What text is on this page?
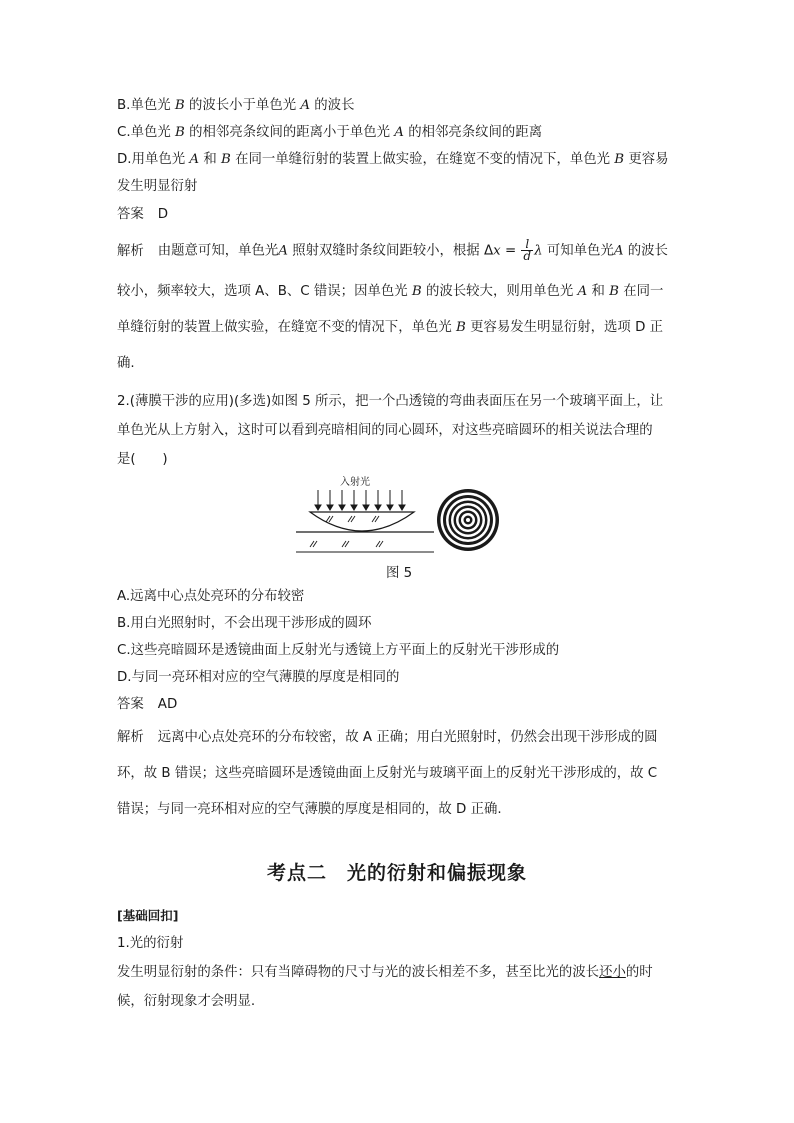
B.单色光 B 的波长小于单色光 A 的波长
C.单色光 B 的相邻亮条纹间的距离小于单色光 A 的相邻亮条纹间的距离
D.用单色光 A 和 B 在同一单缝衍射的装置上做实验，在缝宽不变的情况下，单色光 B 更容易
发生明显衍射
答案 D
解析 由题意可知，单色光A 照射双缝时条纹间距较小，根据 $\Delta x = \frac{l}{d}$ λ 可知单色光A 的波长
较小，频率较大，选项 A、B、C 错误；因单色光 B 的波长较大，则用单色光 A 和 B 在同一
单缝衍射的装置上做实验，在缝宽不变的情况下，单色光 B 更容易发生明显衍射，选项 D 正
确.
2.(薄膜干涉的应用)(多选)如图 5 所示，把一个凸透镜的弯曲表面压在另一个玻璃平面上，让
单色光从上方射入，这时可以看到亮暗相间的同心圆环，对这些亮暗圆环的相关说法合理的
是(　　)
入射光
图 5
A.远离中心点处亮环的分布较密
B.用白光照射时，不会出现干涉形成的圆环
C.这些亮暗圆环是透镜曲面上反射光与透镜上方平面上的反射光干涉形成的
D.与同一亮环相对应的空气薄膜的厚度是相同的
答案 AD
解析 远离中心点处亮环的分布较密，故 A 正确；用白光照射时，仍然会出现干涉形成的圆
环，故 B 错误；这些亮暗圆环是透镜曲面上反射光与玻璃平面上的反射光干涉形成的，故 C
错误；与同一亮环相对应的空气薄膜的厚度是相同的，故 D 正确.
考点二 光的衍射和偏振现象
[基础回扣]
1.光的衍射
发生明显衍射的条件：只有当障碍物的尺寸与光的波长相差不多，甚至比光的波长还小的时
候，衍射现象才会明显.
